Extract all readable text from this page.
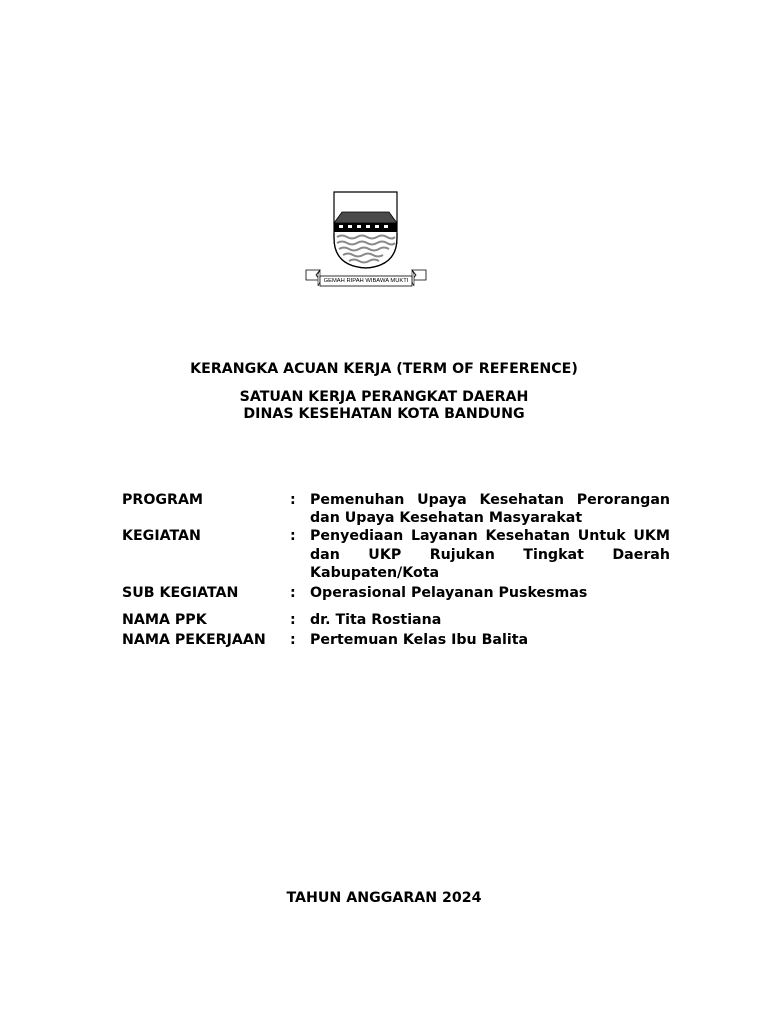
GEMAH RIPAH WIBAWA MUKTI
KERANGKA ACUAN KERJA (TERM OF REFERENCE)
SATUAN KERJA PERANGKAT DAERAH
DINAS KESEHATAN KOTA BANDUNG
PROGRAM	:	Pemenuhan Upaya Kesehatan Perorangan dan Upaya Kesehatan Masyarakat
KEGIATAN	:	Penyediaan Layanan Kesehatan Untuk UKM dan UKP Rujukan Tingkat Daerah Kabupaten/Kota
SUB KEGIATAN	:	Operasional Pelayanan Puskesmas
NAMA PPK	:	dr. Tita Rostiana
NAMA PEKERJAAN	:	Pertemuan Kelas Ibu Balita
TAHUN ANGGARAN 2024
